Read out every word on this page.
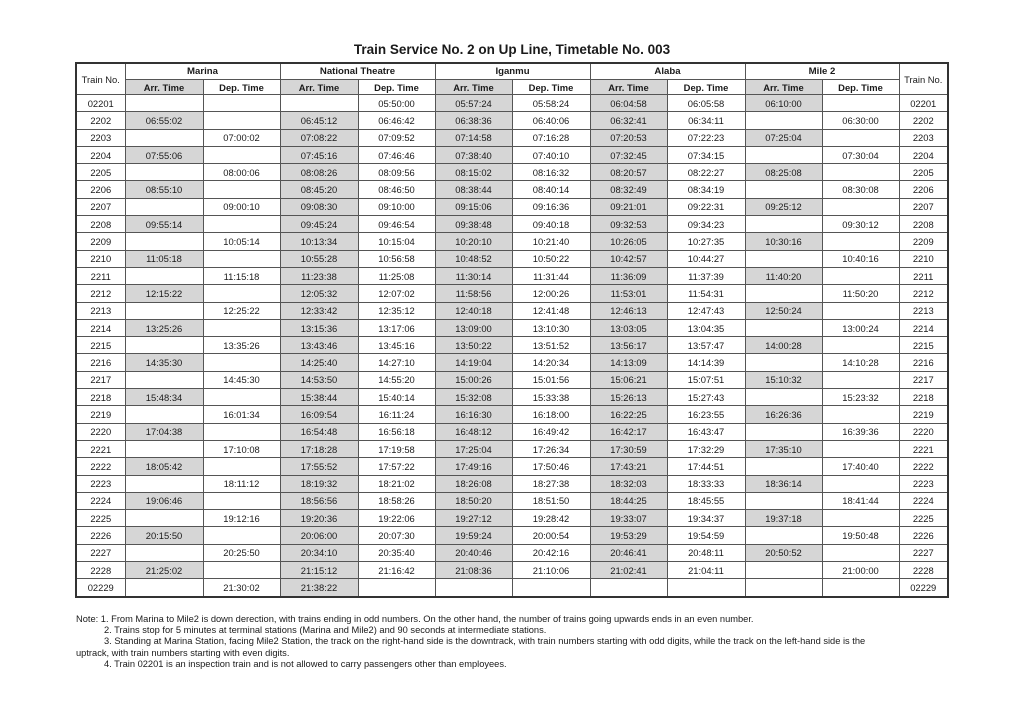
Train Service No. 2 on Up Line, Timetable No. 003
Train No.	Marina		National Theatre		Iganmu		Alaba		Mile 2		Train No.
	Arr. Time	Dep. Time	Arr. Time	Dep. Time	Arr. Time	Dep. Time	Arr. Time	Dep. Time	Arr. Time	Dep. Time	
02201				05:50:00	05:57:24	05:58:24	06:04:58	06:05:58	06:10:00		02201
2202	06:55:02		06:45:12	06:46:42	06:38:36	06:40:06	06:32:41	06:34:11		06:30:00	2202
2203		07:00:02	07:08:22	07:09:52	07:14:58	07:16:28	07:20:53	07:22:23	07:25:04		2203
2204	07:55:06		07:45:16	07:46:46	07:38:40	07:40:10	07:32:45	07:34:15		07:30:04	2204
2205		08:00:06	08:08:26	08:09:56	08:15:02	08:16:32	08:20:57	08:22:27	08:25:08		2205
2206	08:55:10		08:45:20	08:46:50	08:38:44	08:40:14	08:32:49	08:34:19		08:30:08	2206
2207		09:00:10	09:08:30	09:10:00	09:15:06	09:16:36	09:21:01	09:22:31	09:25:12		2207
2208	09:55:14		09:45:24	09:46:54	09:38:48	09:40:18	09:32:53	09:34:23		09:30:12	2208
2209		10:05:14	10:13:34	10:15:04	10:20:10	10:21:40	10:26:05	10:27:35	10:30:16		2209
2210	11:05:18		10:55:28	10:56:58	10:48:52	10:50:22	10:42:57	10:44:27		10:40:16	2210
2211		11:15:18	11:23:38	11:25:08	11:30:14	11:31:44	11:36:09	11:37:39	11:40:20		2211
2212	12:15:22		12:05:32	12:07:02	11:58:56	12:00:26	11:53:01	11:54:31		11:50:20	2212
2213		12:25:22	12:33:42	12:35:12	12:40:18	12:41:48	12:46:13	12:47:43	12:50:24		2213
2214	13:25:26		13:15:36	13:17:06	13:09:00	13:10:30	13:03:05	13:04:35		13:00:24	2214
2215		13:35:26	13:43:46	13:45:16	13:50:22	13:51:52	13:56:17	13:57:47	14:00:28		2215
2216	14:35:30		14:25:40	14:27:10	14:19:04	14:20:34	14:13:09	14:14:39		14:10:28	2216
2217		14:45:30	14:53:50	14:55:20	15:00:26	15:01:56	15:06:21	15:07:51	15:10:32		2217
2218	15:48:34		15:38:44	15:40:14	15:32:08	15:33:38	15:26:13	15:27:43		15:23:32	2218
2219		16:01:34	16:09:54	16:11:24	16:16:30	16:18:00	16:22:25	16:23:55	16:26:36		2219
2220	17:04:38		16:54:48	16:56:18	16:48:12	16:49:42	16:42:17	16:43:47		16:39:36	2220
2221		17:10:08	17:18:28	17:19:58	17:25:04	17:26:34	17:30:59	17:32:29	17:35:10		2221
2222	18:05:42		17:55:52	17:57:22	17:49:16	17:50:46	17:43:21	17:44:51		17:40:40	2222
2223		18:11:12	18:19:32	18:21:02	18:26:08	18:27:38	18:32:03	18:33:33	18:36:14		2223
2224	19:06:46		18:56:56	18:58:26	18:50:20	18:51:50	18:44:25	18:45:55		18:41:44	2224
2225		19:12:16	19:20:36	19:22:06	19:27:12	19:28:42	19:33:07	19:34:37	19:37:18		2225
2226	20:15:50		20:06:00	20:07:30	19:59:24	20:00:54	19:53:29	19:54:59		19:50:48	2226
2227		20:25:50	20:34:10	20:35:40	20:40:46	20:42:16	20:46:41	20:48:11	20:50:52		2227
2228	21:25:02		21:15:12	21:16:42	21:08:36	21:10:06	21:02:41	21:04:11		21:00:00	2228
02229		21:30:02	21:38:22								02229

Note: 1. From Marina to Mile2 is down derection, with trains ending in odd numbers. On the other hand, the number of trains going upwards ends in an even number.

2. Trains stop for 5 minutes at terminal stations (Marina and Mile2) and 90 seconds at intermediate stations.

3. Standing at Marina Station, facing Mile2 Station, the track on the right-hand side is the downtrack, with train numbers starting with odd digits, while the track on the left-hand side is the

uptrack, with train numbers starting with even digits.

4. Train 02201 is an inspection train and is not allowed to carry passengers other than employees.
